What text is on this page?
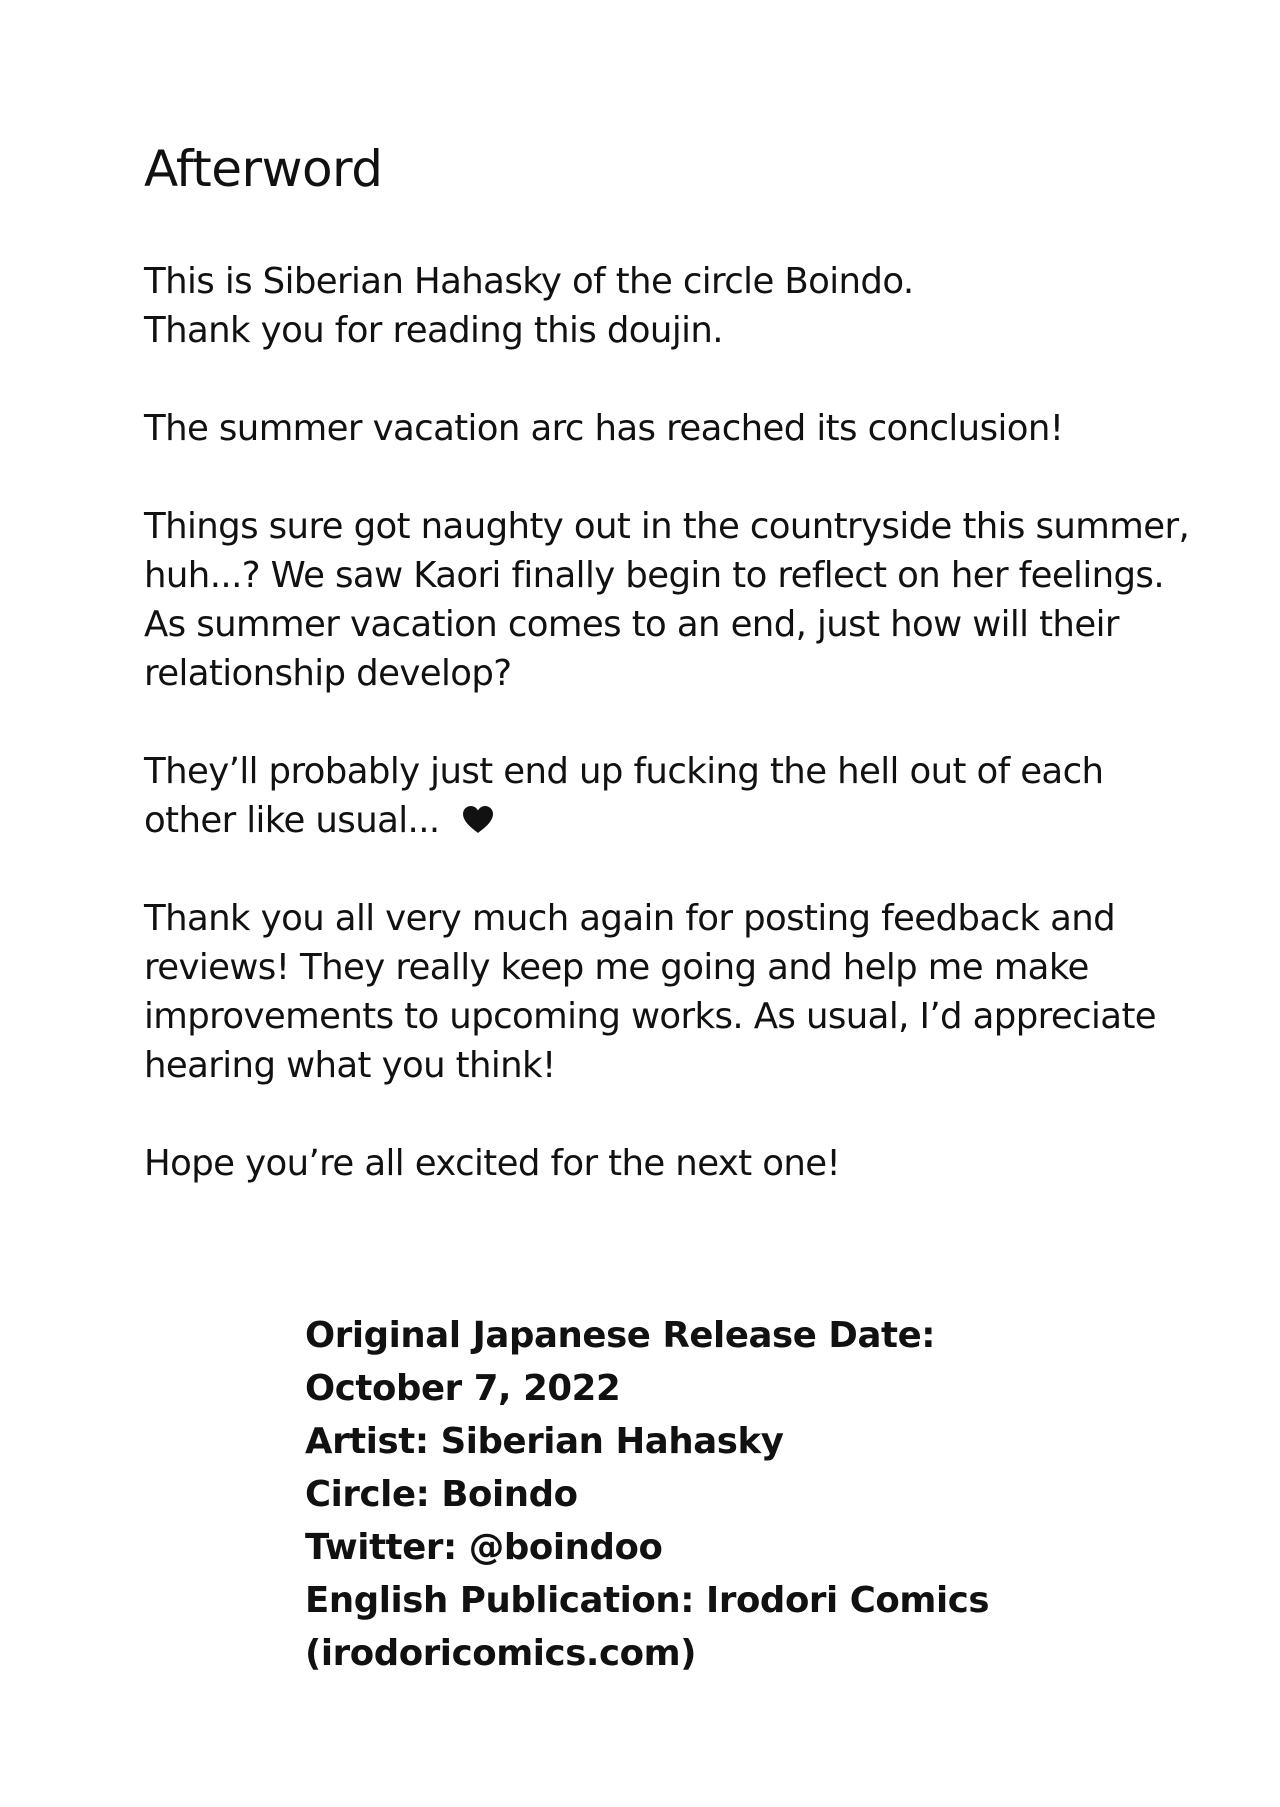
Afterword
This is Siberian Hahasky of the circle Boindo.
Thank you for reading this doujin.
The summer vacation arc has reached its conclusion!
Things sure got naughty out in the countryside this summer,
huh...? We saw Kaori finally begin to reflect on her feelings.
As summer vacation comes to an end, just how will their
relationship develop?
They’ll probably just end up fucking the hell out of each
other like usual...
Thank you all very much again for posting feedback and
reviews! They really keep me going and help me make
improvements to upcoming works. As usual, I’d appreciate
hearing what you think!
Hope you’re all excited for the next one!
Original Japanese Release Date:
October 7, 2022
Artist: Siberian Hahasky
Circle: Boindo
Twitter: @boindoo
English Publication: Irodori Comics
(irodoricomics.com)
